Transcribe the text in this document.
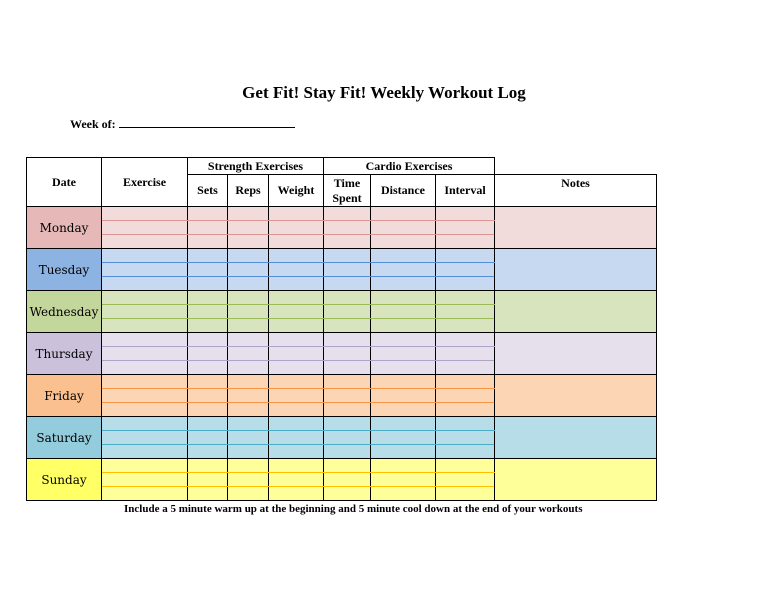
Get Fit! Stay Fit! Weekly Workout Log
Week of:
Date	Exercise	Strength Exercises			Cardio Exercises			
		Sets	Reps	Weight	Time Spent	Distance	Interval	Notes
Monday								

Tuesday								

Wednesday								

Thursday								

Friday								

Saturday								

Sunday								

Include a 5 minute warm up at the beginning and 5 minute cool down at the end of your workouts
